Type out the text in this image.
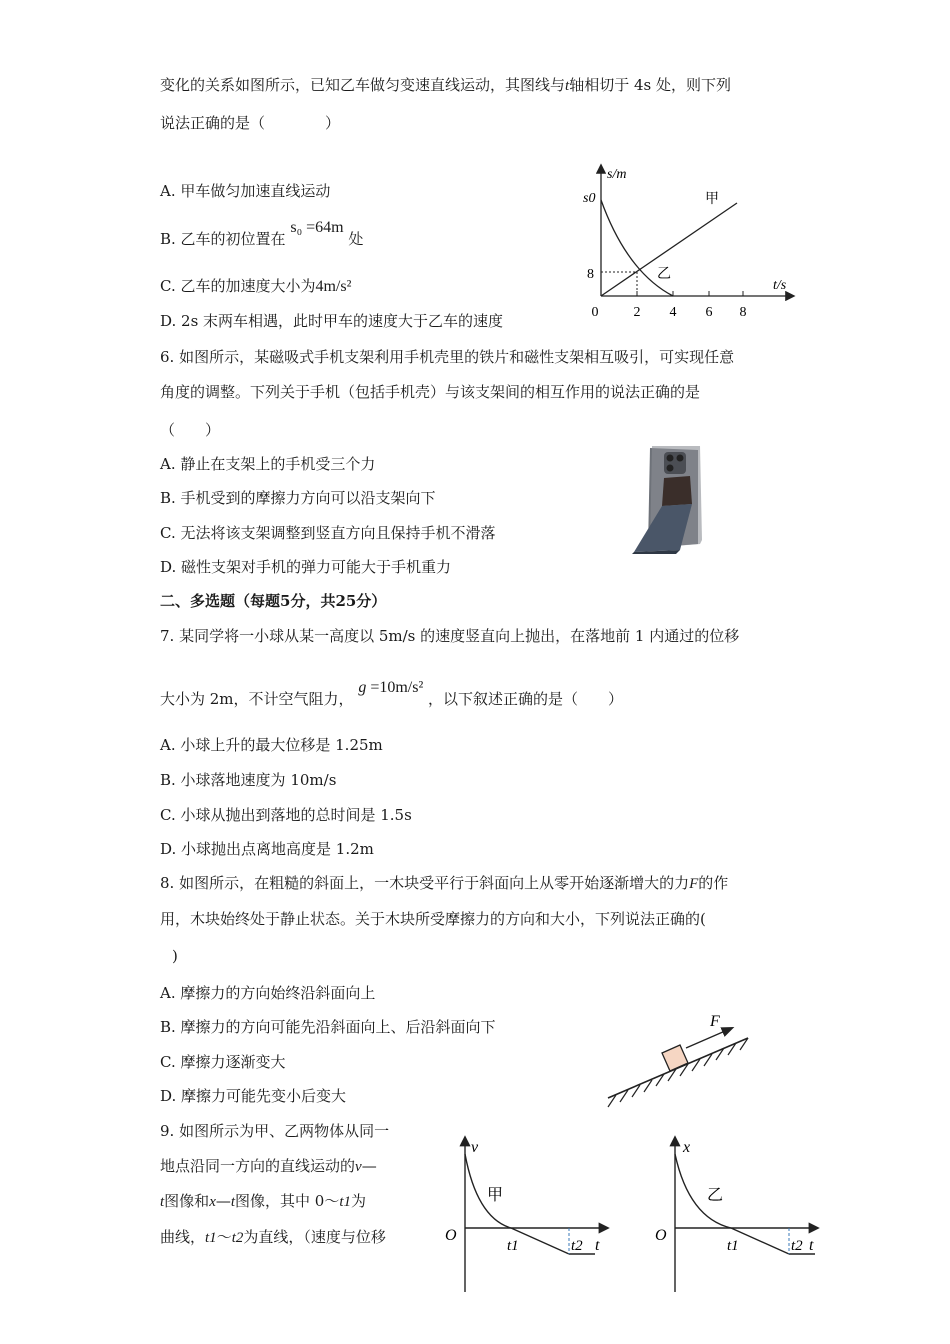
变化的关系如图所示，已知乙车做匀变速直线运动，其图线与t轴相切于 4s 处，则下列
说法正确的是（　　　　）
A. 甲车做匀加速直线运动
B. 乙车的初位置在 s₀ =64m 处
C. 乙车的加速度大小为4m/s²
D. 2s 末两车相遇，此时甲车的速度大于乙车的速度
s/m
t/s
s0
8
甲
乙
0	2 4 6 8
6. 如图所示，某磁吸式手机支架利用手机壳里的铁片和磁性支架相互吸引，可实现任意
角度的调整。下列关于手机（包括手机壳）与该支架间的相互作用的说法正确的是
（　　）
A. 静止在支架上的手机受三个力
B. 手机受到的摩擦力方向可以沿支架向下
C. 无法将该支架调整到竖直方向且保持手机不滑落
D. 磁性支架对手机的弹力可能大于手机重力
二、多选题（每题5分，共25分）
7. 某同学将一小球从某一高度以 5m/s 的速度竖直向上抛出，在落地前 1 内通过的位移
大小为 2m，不计空气阻力， g =10m/s² ，以下叙述正确的是（　　）
A. 小球上升的最大位移是 1.25m
B. 小球落地速度为 10m/s
C. 小球从抛出到落地的总时间是 1.5s
D. 小球抛出点离地高度是 1.2m
8. 如图所示，在粗糙的斜面上，一木块受平行于斜面向上从零开始逐渐增大的力F的作
用，木块始终处于静止状态。关于木块所受摩擦力的方向和大小，下列说法正确的(
)
A. 摩擦力的方向始终沿斜面向上
B. 摩擦力的方向可能先沿斜面向上、后沿斜面向下
C. 摩擦力逐渐变大
D. 摩擦力可能先变小后变大
F
9. 如图所示为甲、乙两物体从同一
地点沿同一方向的直线运动的v—
t图像和x—t图像，其中 0～t1为
曲线，t1～t2为直线，（速度与位移
v
t
O
甲
t1	t2
x
t
O
乙
t1	t2
